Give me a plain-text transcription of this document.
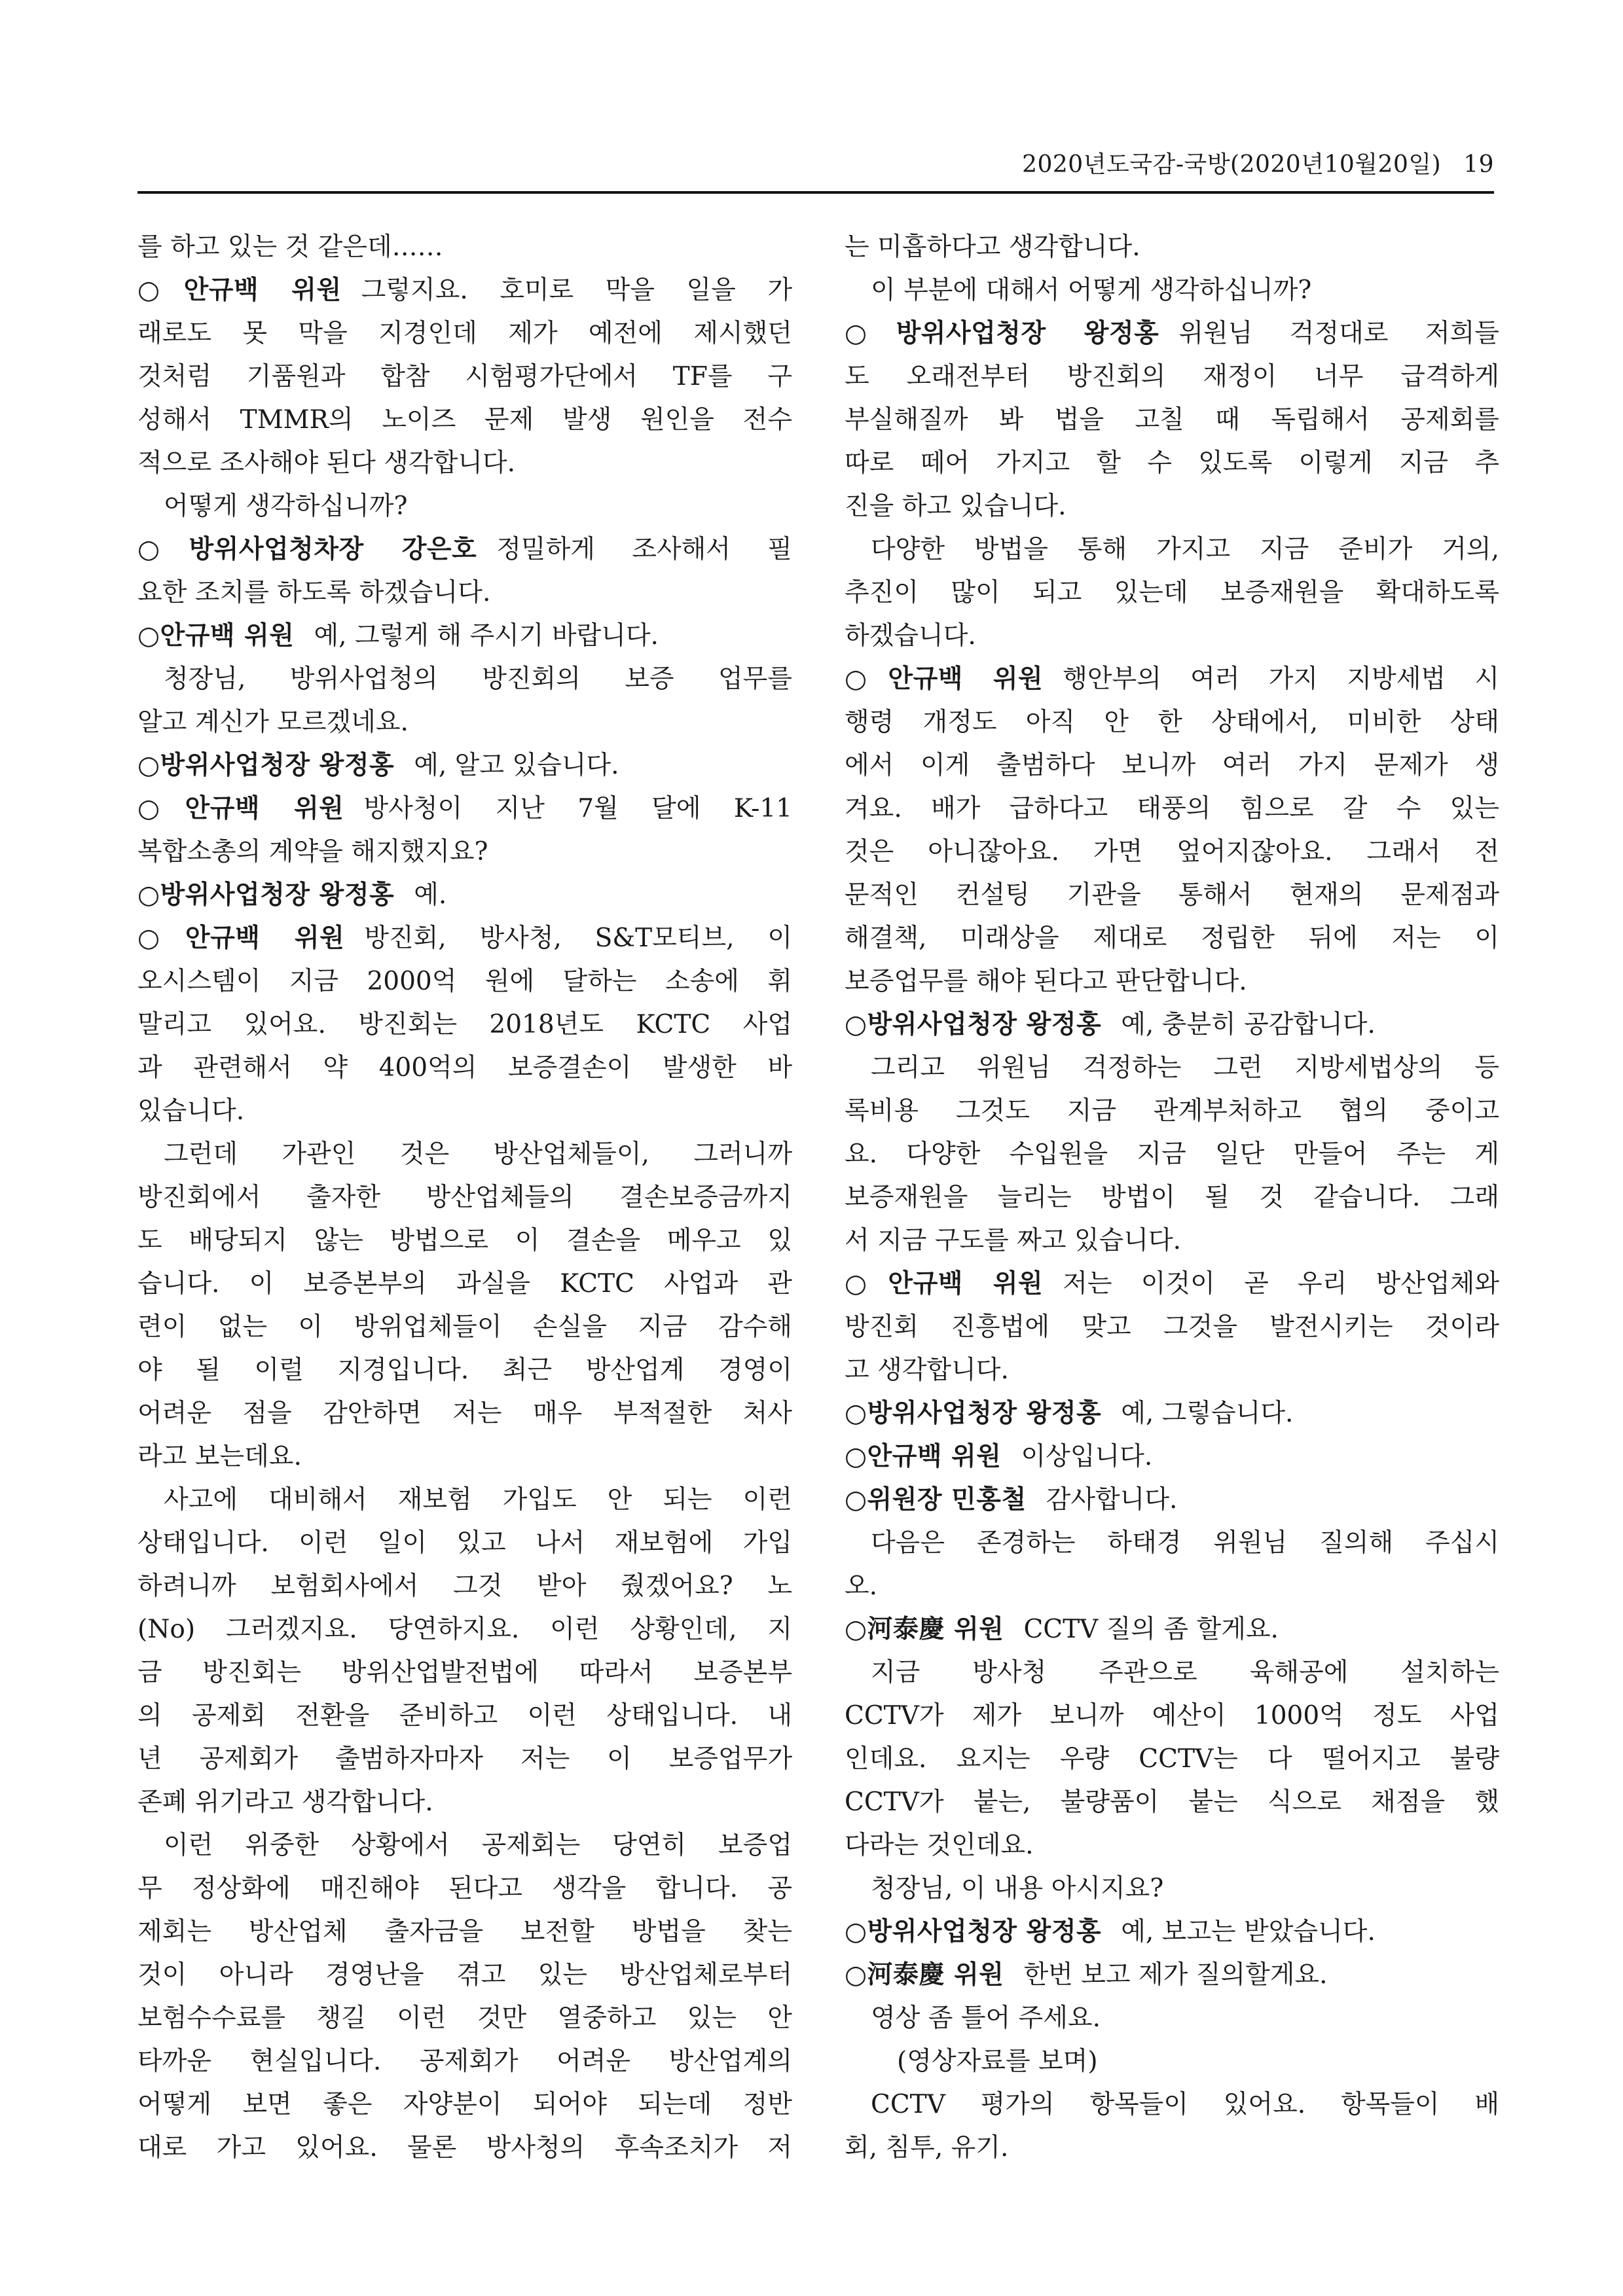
2020년도국감-국방(2020년10월20일) 19
를 하고 있는 것 같은데……
○안규백 위원 그렇지요. 호미로 막을 일을 가
래로도 못 막을 지경인데 제가 예전에 제시했던
것처럼 기품원과 합참 시험평가단에서 TF를 구
성해서 TMMR의 노이즈 문제 발생 원인을 전수
적으로 조사해야 된다 생각합니다.
어떻게 생각하십니까?
○방위사업청차장 강은호 정밀하게 조사해서 필
요한 조치를 하도록 하겠습니다.
○안규백 위원 예, 그렇게 해 주시기 바랍니다.
청장님, 방위사업청의 방진회의 보증 업무를
알고 계신가 모르겠네요.
○방위사업청장 왕정홍 예, 알고 있습니다.
○안규백 위원 방사청이 지난 7월 달에 K-11
복합소총의 계약을 해지했지요?
○방위사업청장 왕정홍 예.
○안규백 위원 방진회, 방사청, S&T모티브, 이
오시스템이 지금 2000억 원에 달하는 소송에 휘
말리고 있어요. 방진회는 2018년도 KCTC 사업
과 관련해서 약 400억의 보증결손이 발생한 바
있습니다.
그런데 가관인 것은 방산업체들이, 그러니까
방진회에서 출자한 방산업체들의 결손보증금까지
도 배당되지 않는 방법으로 이 결손을 메우고 있
습니다. 이 보증본부의 과실을 KCTC 사업과 관
련이 없는 이 방위업체들이 손실을 지금 감수해
야 될 이럴 지경입니다. 최근 방산업계 경영이
어려운 점을 감안하면 저는 매우 부적절한 처사
라고 보는데요.
사고에 대비해서 재보험 가입도 안 되는 이런
상태입니다. 이런 일이 있고 나서 재보험에 가입
하려니까 보험회사에서 그것 받아 줬겠어요? 노
(No) 그러겠지요. 당연하지요. 이런 상황인데, 지
금 방진회는 방위산업발전법에 따라서 보증본부
의 공제회 전환을 준비하고 이런 상태입니다. 내
년 공제회가 출범하자마자 저는 이 보증업무가
존폐 위기라고 생각합니다.
이런 위중한 상황에서 공제회는 당연히 보증업
무 정상화에 매진해야 된다고 생각을 합니다. 공
제회는 방산업체 출자금을 보전할 방법을 찾는
것이 아니라 경영난을 겪고 있는 방산업체로부터
보험수수료를 챙길 이런 것만 열중하고 있는 안
타까운 현실입니다. 공제회가 어려운 방산업계의
어떻게 보면 좋은 자양분이 되어야 되는데 정반
대로 가고 있어요. 물론 방사청의 후속조치가 저
는 미흡하다고 생각합니다.
이 부분에 대해서 어떻게 생각하십니까?
○방위사업청장 왕정홍 위원님 걱정대로 저희들
도 오래전부터 방진회의 재정이 너무 급격하게
부실해질까 봐 법을 고칠 때 독립해서 공제회를
따로 떼어 가지고 할 수 있도록 이렇게 지금 추
진을 하고 있습니다.
다양한 방법을 통해 가지고 지금 준비가 거의,
추진이 많이 되고 있는데 보증재원을 확대하도록
하겠습니다.
○안규백 위원 행안부의 여러 가지 지방세법 시
행령 개정도 아직 안 한 상태에서, 미비한 상태
에서 이게 출범하다 보니까 여러 가지 문제가 생
겨요. 배가 급하다고 태풍의 힘으로 갈 수 있는
것은 아니잖아요. 가면 엎어지잖아요. 그래서 전
문적인 컨설팅 기관을 통해서 현재의 문제점과
해결책, 미래상을 제대로 정립한 뒤에 저는 이
보증업무를 해야 된다고 판단합니다.
○방위사업청장 왕정홍 예, 충분히 공감합니다.
그리고 위원님 걱정하는 그런 지방세법상의 등
록비용 그것도 지금 관계부처하고 협의 중이고
요. 다양한 수입원을 지금 일단 만들어 주는 게
보증재원을 늘리는 방법이 될 것 같습니다. 그래
서 지금 구도를 짜고 있습니다.
○안규백 위원 저는 이것이 곧 우리 방산업체와
방진회 진흥법에 맞고 그것을 발전시키는 것이라
고 생각합니다.
○방위사업청장 왕정홍 예, 그렇습니다.
○안규백 위원 이상입니다.
○위원장 민홍철 감사합니다.
다음은 존경하는 하태경 위원님 질의해 주십시
오.
○河泰慶 위원 CCTV 질의 좀 할게요.
지금 방사청 주관으로 육해공에 설치하는
CCTV가 제가 보니까 예산이 1000억 정도 사업
인데요. 요지는 우량 CCTV는 다 떨어지고 불량
CCTV가 붙는, 불량품이 붙는 식으로 채점을 했
다라는 것인데요.
청장님, 이 내용 아시지요?
○방위사업청장 왕정홍 예, 보고는 받았습니다.
○河泰慶 위원 한번 보고 제가 질의할게요.
영상 좀 틀어 주세요.
(영상자료를 보며)
CCTV 평가의 항목들이 있어요. 항목들이 배
회, 침투, 유기.
